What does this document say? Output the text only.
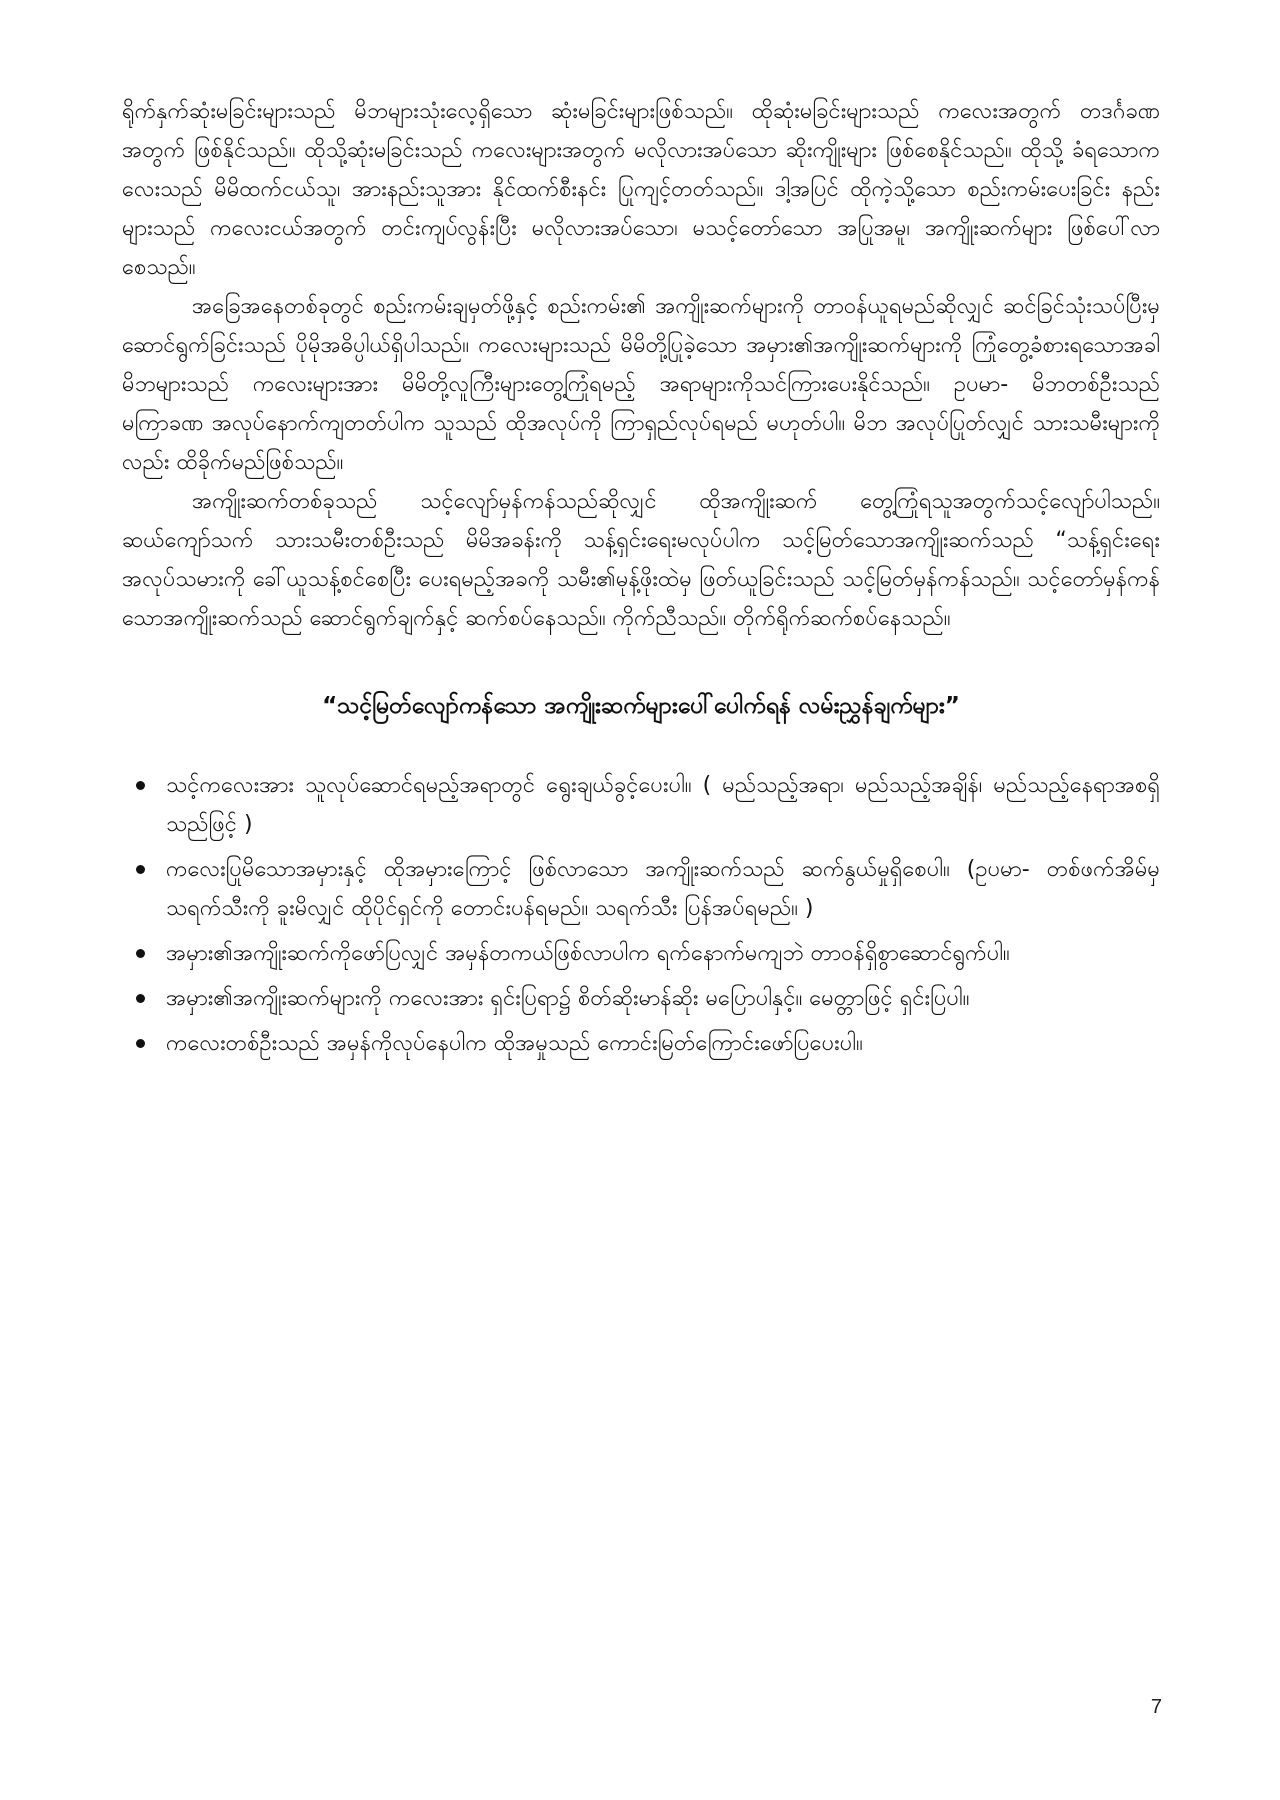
ရိုက်နှက်ဆုံးမခြင်းများသည် မိဘများသုံးလေ့ရှိသော ဆုံးမခြင်းများဖြစ်သည်။ ထိုဆုံးမခြင်းများသည် ကလေးအတွက် တဒင်္ဂခဏအတွက် ဖြစ်နိုင်သည်။ ထိုသို့ဆုံးမခြင်းသည် ကလေးများအတွက် မလိုလားအပ်သော ဆိုးကျိုးများ ဖြစ်စေနိုင်သည်။ ထိုသို့ ခံရသောကလေးသည် မိမိထက်ငယ်သူ၊ အားနည်းသူအား နိုင်ထက်စီးနင်း ပြုကျင့်တတ်သည်။ ဒါ့အပြင် ထိုကဲ့သို့သော စည်းကမ်းပေးခြင်း နည်းများသည် ကလေးငယ်အတွက် တင်းကျပ်လွန်းပြီး မလိုလားအပ်သော၊ မသင့်တော်သော အပြုအမူ၊ အကျိုးဆက်များ ဖြစ်ပေါ်လာစေသည်။

အခြေအနေတစ်ခုတွင် စည်းကမ်းချမှတ်ဖို့နှင့် စည်းကမ်း၏ အကျိုးဆက်များကို တာဝန်ယူရမည်ဆိုလျှင် ဆင်ခြင်သုံးသပ်ပြီးမှ ဆောင်ရွက်ခြင်းသည် ပိုမိုအဓိပ္ပါယ်ရှိပါသည်။ ကလေးများသည် မိမိတို့ပြုခဲ့သော အမှား၏အကျိုးဆက်များကို ကြုံတွေ့ခံစားရသောအခါ မိဘများသည် ကလေးများအား မိမိတို့လူကြီးများတွေ့ကြုံရမည့် အရာများကိုသင်ကြားပေးနိုင်သည်။ ဥပမာ- မိဘတစ်ဦးသည် မကြာခဏ အလုပ်နောက်ကျတတ်ပါက သူသည် ထိုအလုပ်ကို ကြာရှည်လုပ်ရမည် မဟုတ်ပါ။ မိဘ အလုပ်ပြုတ်လျှင် သားသမီးများကိုလည်း ထိခိုက်မည်ဖြစ်သည်။

အကျိုးဆက်တစ်ခုသည် သင့်လျော်မှန်ကန်သည်ဆိုလျှင် ထိုအကျိုးဆက် တွေ့ကြုံရသူအတွက်သင့်လျော်ပါသည်။ ဆယ်ကျော်သက် သားသမီးတစ်ဦးသည် မိမိအခန်းကို သန့်ရှင်းရေးမလုပ်ပါက သင့်မြတ်သောအကျိုးဆက်သည် “သန့်ရှင်းရေး အလုပ်သမားကို ခေါ်ယူသန့်စင်စေပြီး ပေးရမည့်အခကို သမီး၏မုန့်ဖိုးထဲမှ ဖြတ်ယူခြင်းသည် သင့်မြတ်မှန်ကန်သည်။ သင့်တော်မှန်ကန်သောအကျိုးဆက်သည် ဆောင်ရွက်ချက်နှင့် ဆက်စပ်နေသည်။ ကိုက်ညီသည်။ တိုက်ရိုက်ဆက်စပ်နေသည်။

“သင့်မြတ်လျော်ကန်သော အကျိုးဆက်များပေါ်ပေါက်ရန် လမ်းညွှန်ချက်များ”
သင့်ကလေးအား သူလုပ်ဆောင်ရမည့်အရာတွင် ရွေးချယ်ခွင့်ပေးပါ။ ( မည်သည့်အရာ၊ မည်သည့်အချိန်၊ မည်သည့်နေရာအစရှိသည်ဖြင့် )
ကလေးပြုမိသောအမှားနှင့် ထိုအမှားကြောင့် ဖြစ်လာသော အကျိုးဆက်သည် ဆက်နွယ်မှုရှိစေပါ။ (ဥပမာ- တစ်ဖက်အိမ်မှ သရက်သီးကို ခူးမိလျှင် ထိုပိုင်ရှင်ကို တောင်းပန်ရမည်။ သရက်သီး ပြန်အပ်ရမည်။ )
အမှား၏အကျိုးဆက်ကိုဖော်ပြလျှင် အမှန်တကယ်ဖြစ်လာပါက ရက်နောက်မကျဘဲ တာဝန်ရှိစွာဆောင်ရွက်ပါ။
အမှား၏အကျိုးဆက်များကို ကလေးအား ရှင်းပြရာ၌ စိတ်ဆိုးမာန်ဆိုး မပြောပါနှင့်။ မေတ္တာဖြင့် ရှင်းပြပါ။
ကလေးတစ်ဦးသည် အမှန်ကိုလုပ်နေပါက ထိုအမှုသည် ကောင်းမြတ်ကြောင်းဖော်ပြပေးပါ။
7
